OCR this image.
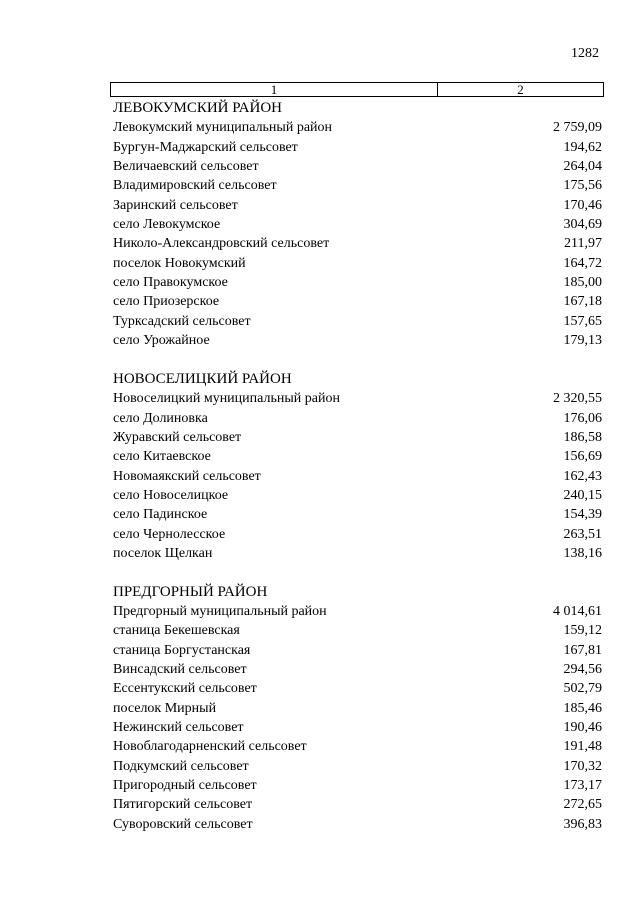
1282
1	2
ЛЕВОКУМСКИЙ РАЙОН
Левокумский муниципальный район	2 759,09
Бургун-Маджарский сельсовет	194,62
Величаевский сельсовет	264,04
Владимировский сельсовет	175,56
Заринский сельсовет	170,46
село Левокумское	304,69
Николо-Александровский сельсовет	211,97
поселок Новокумский	164,72
село Правокумское	185,00
село Приозерское	167,18
Турксадский сельсовет	157,65
село Урожайное	179,13
НОВОСЕЛИЦКИЙ РАЙОН
Новоселицкий муниципальный район	2 320,55
село Долиновка	176,06
Журавский сельсовет	186,58
село Китаевское	156,69
Новомаякский сельсовет	162,43
село Новоселицкое	240,15
село Падинское	154,39
село Чернолесское	263,51
поселок Щелкан	138,16
ПРЕДГОРНЫЙ РАЙОН
Предгорный муниципальный район	4 014,61
станица Бекешевская	159,12
станица Боргустанская	167,81
Винсадский сельсовет	294,56
Ессентукский сельсовет	502,79
поселок Мирный	185,46
Нежинский сельсовет	190,46
Новоблагодарненский сельсовет	191,48
Подкумский сельсовет	170,32
Пригородный сельсовет	173,17
Пятигорский сельсовет	272,65
Суворовский сельсовет	396,83
